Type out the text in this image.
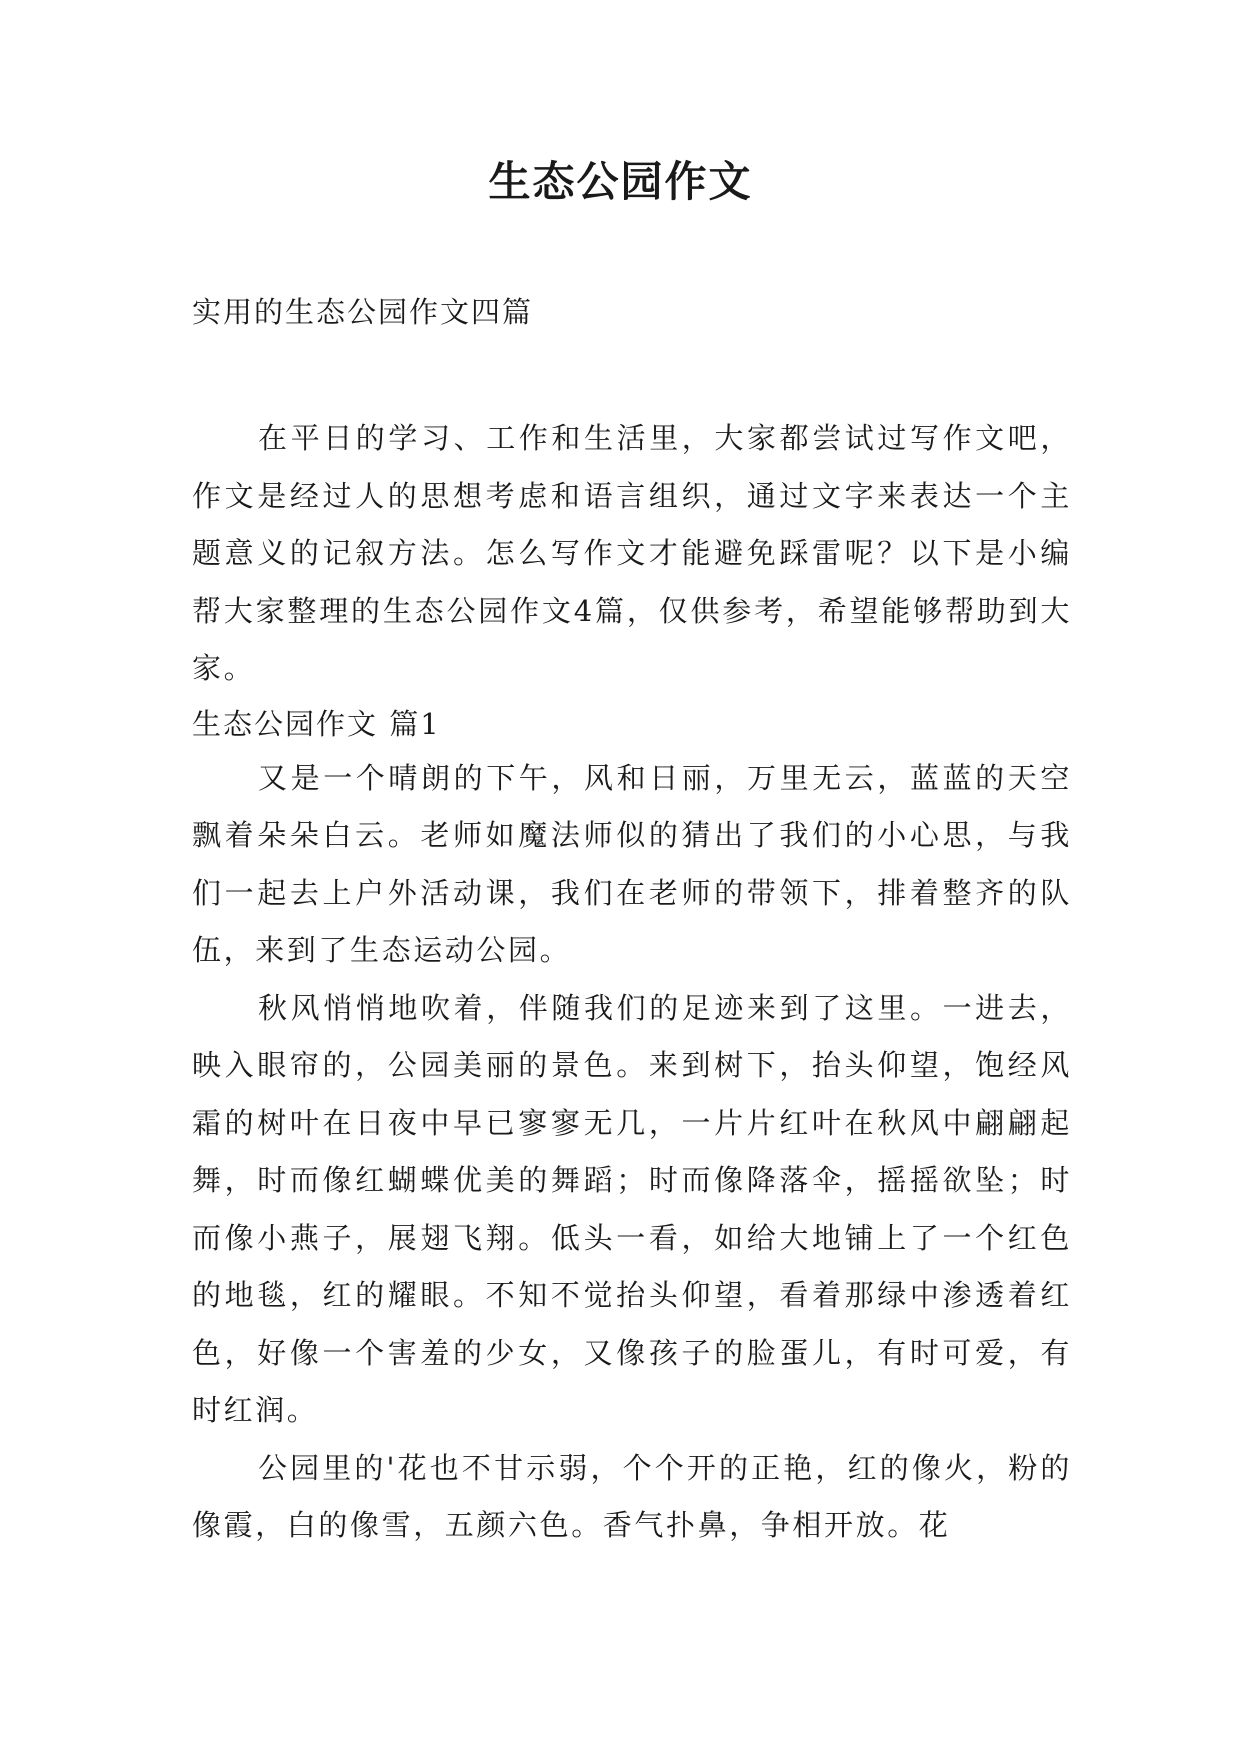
生态公园作文
实用的生态公园作文四篇

在平日的学习、工作和生活里，大家都尝试过写作文吧，作文是经过人的思想考虑和语言组织，通过文字来表达一个主题意义的记叙方法。怎么写作文才能避免踩雷呢？以下是小编帮大家整理的生态公园作文4篇，仅供参考，希望能够帮助到大家。

生态公园作文 篇1

又是一个晴朗的下午，风和日丽，万里无云，蓝蓝的天空飘着朵朵白云。老师如魔法师似的猜出了我们的小心思，与我们一起去上户外活动课，我们在老师的带领下，排着整齐的队伍，来到了生态运动公园。

秋风悄悄地吹着，伴随我们的足迹来到了这里。一进去，映入眼帘的，公园美丽的景色。来到树下，抬头仰望，饱经风霜的树叶在日夜中早已寥寥无几，一片片红叶在秋风中翩翩起舞，时而像红蝴蝶优美的舞蹈；时而像降落伞，摇摇欲坠；时而像小燕子，展翅飞翔。低头一看，如给大地铺上了一个红色的地毯，红的耀眼。不知不觉抬头仰望，看着那绿中渗透着红色，好像一个害羞的少女，又像孩子的脸蛋儿，有时可爱，有时红润。

公园里的'花也不甘示弱，个个开的正艳，红的像火，粉的像霞，白的像雪，五颜六色。香气扑鼻，争相开放。花
